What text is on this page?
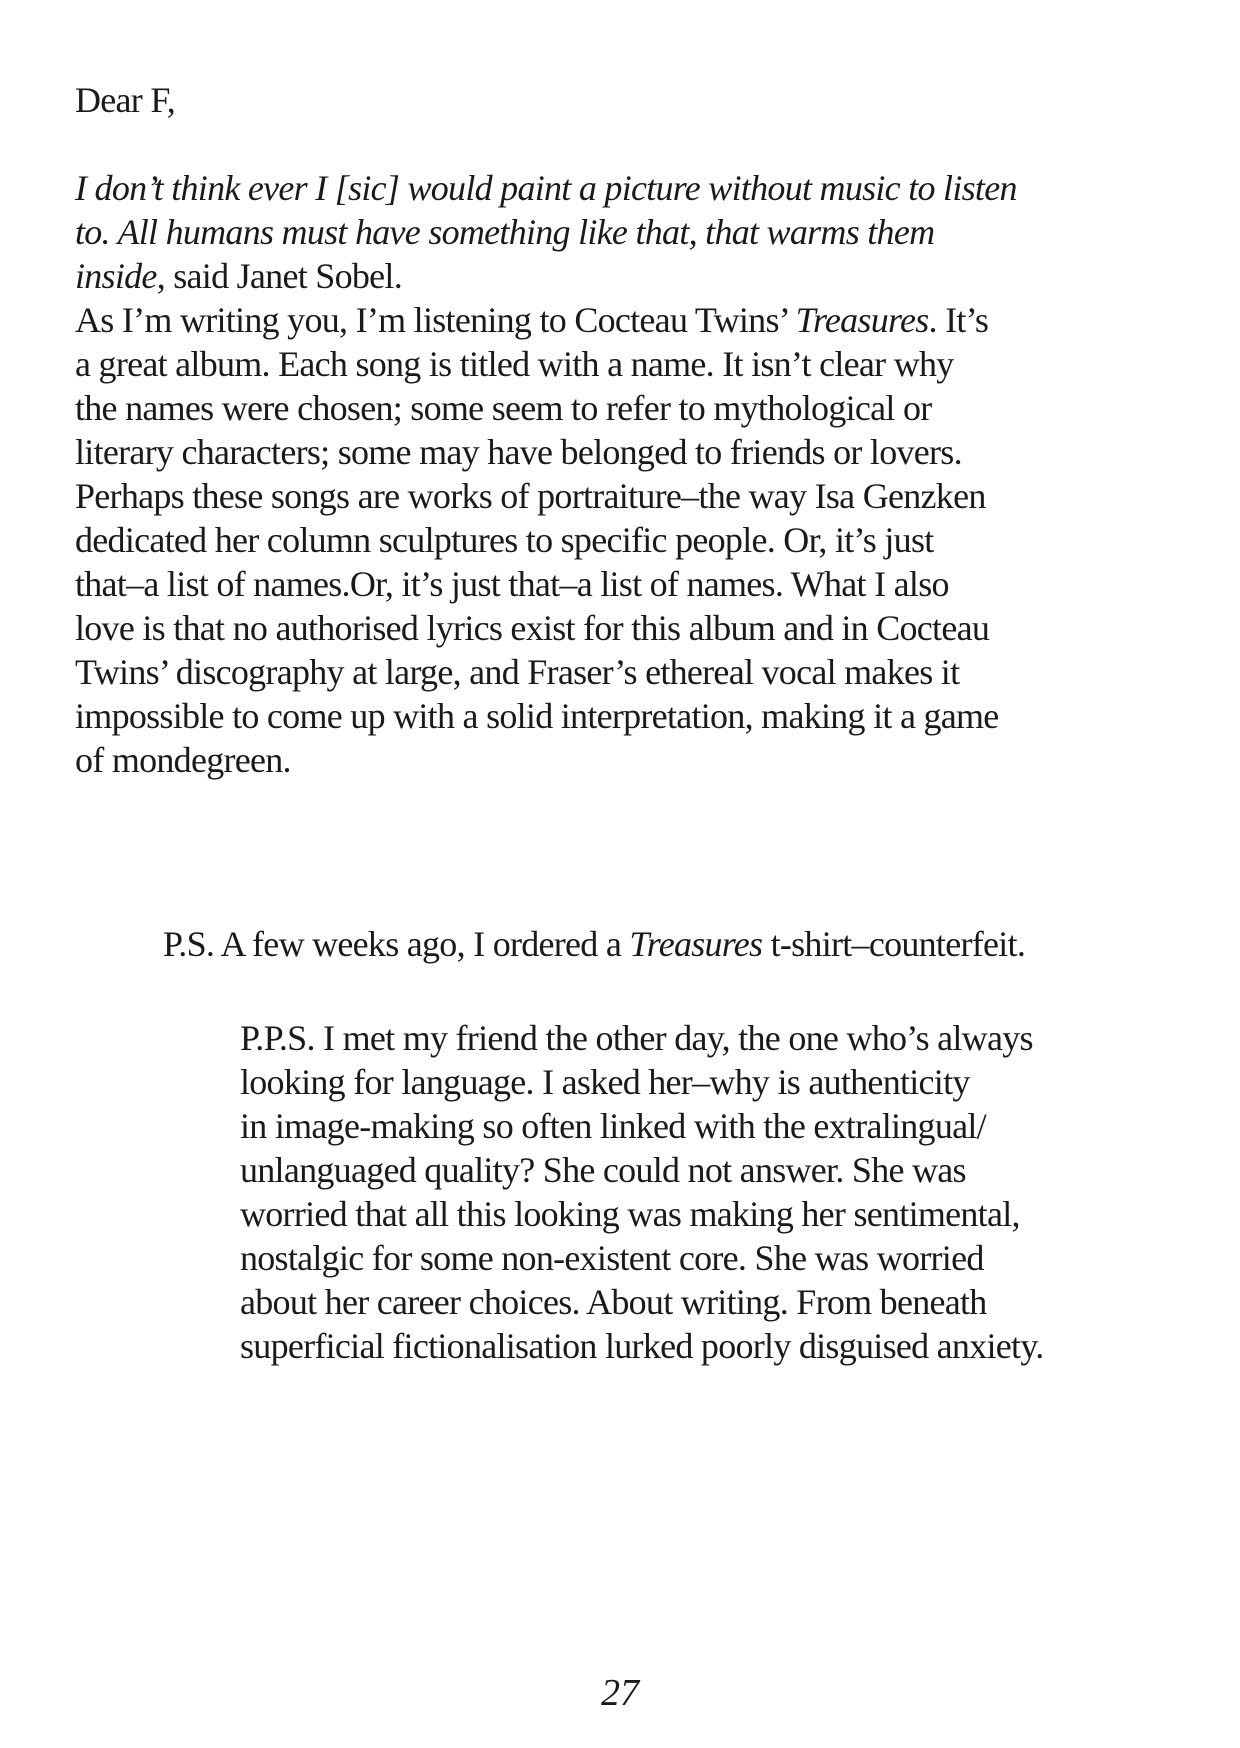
Dear F,
I don’t think ever I [sic] would paint a picture without music to listen
to. All humans must have something like that, that warms them
inside, said Janet Sobel.
As I’m writing you, I’m listening to Cocteau Twins’ Treasures. It’s
a great album. Each song is titled with a name. It isn’t clear why
the names were chosen; some seem to refer to mythological or
literary characters; some may have belonged to friends or lovers.
Perhaps these songs are works of portraiture–the way Isa Genzken
dedicated her column sculptures to specific people. Or, it’s just
that–a list of names.Or, it’s just that–a list of names. What I also
love is that no authorised lyrics exist for this album and in Cocteau
Twins’ discography at large, and Fraser’s ethereal vocal makes it
impossible to come up with a solid interpretation, making it a game
of mondegreen.
P.S. A few weeks ago, I ordered a Treasures t-shirt–counterfeit.
P.P.S. I met my friend the other day, the one who’s always
looking for language. I asked her–why is authenticity
in image-making so often linked with the extralingual/
unlanguaged quality? She could not answer. She was
worried that all this looking was making her sentimental,
nostalgic for some non-existent core. She was worried
about her career choices. About writing. From beneath
superficial fictionalisation lurked poorly disguised anxiety.
27
